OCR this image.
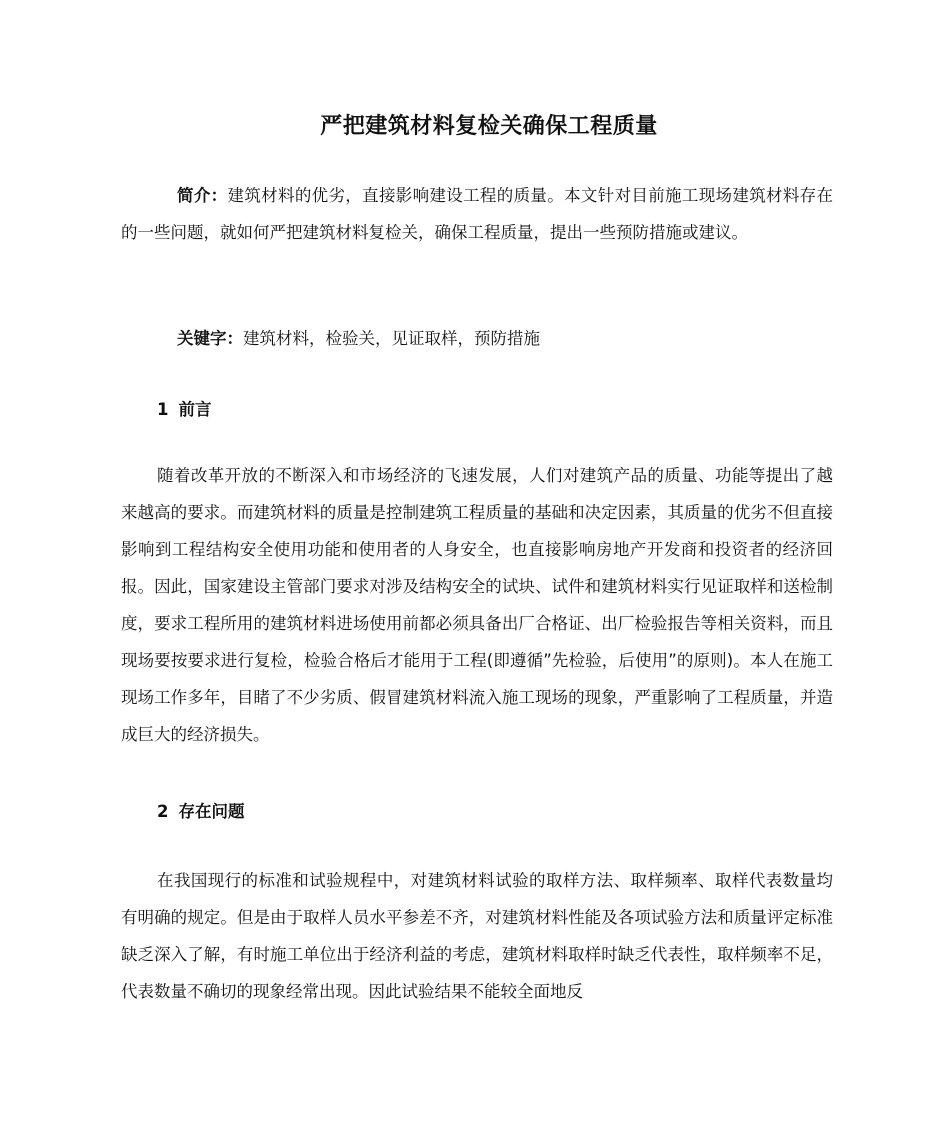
严把建筑材料复检关确保工程质量

简介：建筑材料的优劣，直接影响建设工程的质量。本文针对目前施工现场建筑材料存在的一些问题，就如何严把建筑材料复检关，确保工程质量，提出一些预防措施或建议。

关键字：建筑材料，检验关，见证取样，预防措施

1 前言

随着改革开放的不断深入和市场经济的飞速发展，人们对建筑产品的质量、功能等提出了越来越高的要求。而建筑材料的质量是控制建筑工程质量的基础和决定因素，其质量的优劣不但直接影响到工程结构安全使用功能和使用者的人身安全，也直接影响房地产开发商和投资者的经济回报。因此，国家建设主管部门要求对涉及结构安全的试块、试件和建筑材料实行见证取样和送检制度，要求工程所用的建筑材料进场使用前都必须具备出厂合格证、出厂检验报告等相关资料，而且现场要按要求进行复检，检验合格后才能用于工程(即遵循”先检验，后使用”的原则)。本人在施工现场工作多年，目睹了不少劣质、假冒建筑材料流入施工现场的现象，严重影响了工程质量，并造成巨大的经济损失。

2 存在问题

在我国现行的标准和试验规程中，对建筑材料试验的取样方法、取样频率、取样代表数量均有明确的规定。但是由于取样人员水平参差不齐，对建筑材料性能及各项试验方法和质量评定标准缺乏深入了解，有时施工单位出于经济利益的考虑，建筑材料取样时缺乏代表性，取样频率不足，代表数量不确切的现象经常出现。因此试验结果不能较全面地反
